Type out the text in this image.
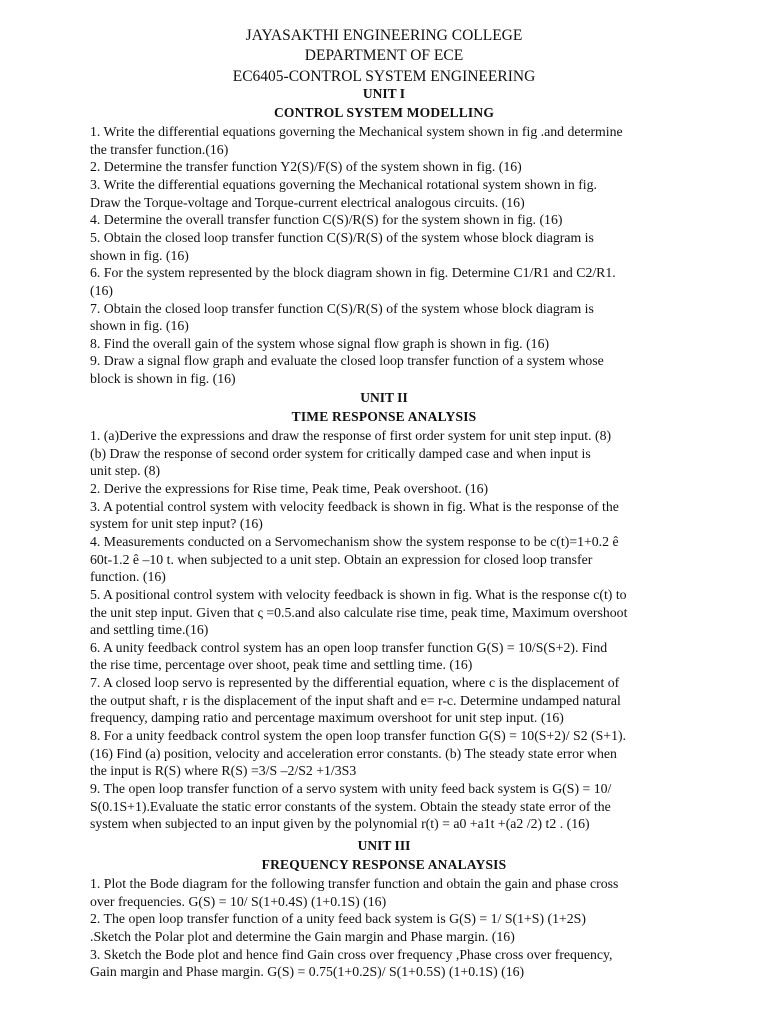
JAYASAKTHI ENGINEERING COLLEGE
DEPARTMENT OF ECE
EC6405-CONTROL SYSTEM ENGINEERING
UNIT I
CONTROL SYSTEM MODELLING
1. Write the differential equations governing the Mechanical system shown in fig .and determine
the transfer function.(16)
2. Determine the transfer function Y2(S)/F(S) of the system shown in fig. (16)
3. Write the differential equations governing the Mechanical rotational system shown in fig.
Draw the Torque-voltage and Torque-current electrical analogous circuits. (16)
4. Determine the overall transfer function C(S)/R(S) for the system shown in fig. (16)
5. Obtain the closed loop transfer function C(S)/R(S) of the system whose block diagram is
shown in fig. (16)
6. For the system represented by the block diagram shown in fig. Determine C1/R1 and C2/R1.
(16)
7. Obtain the closed loop transfer function C(S)/R(S) of the system whose block diagram is
shown in fig. (16)
8. Find the overall gain of the system whose signal flow graph is shown in fig. (16)
9. Draw a signal flow graph and evaluate the closed loop transfer function of a system whose
block is shown in fig. (16)
UNIT II
TIME RESPONSE ANALYSIS
1. (a)Derive the expressions and draw the response of first order system for unit step input. (8)
(b) Draw the response of second order system for critically damped case and when input is
unit step. (8)
2. Derive the expressions for Rise time, Peak time, Peak overshoot. (16)
3. A potential control system with velocity feedback is shown in fig. What is the response of the
system for unit step input? (16)
4. Measurements conducted on a Servomechanism show the system response to be c(t)=1+0.2 ê
60t-1.2 ê –10 t. when subjected to a unit step. Obtain an expression for closed loop transfer
function. (16)
5. A positional control system with velocity feedback is shown in fig. What is the response c(t) to
the unit step input. Given that ς =0.5.and also calculate rise time, peak time, Maximum overshoot
and settling time.(16)
6. A unity feedback control system has an open loop transfer function G(S) = 10/S(S+2). Find
the rise time, percentage over shoot, peak time and settling time. (16)
7. A closed loop servo is represented by the differential equation, where c is the displacement of
the output shaft, r is the displacement of the input shaft and e= r-c. Determine undamped natural
frequency, damping ratio and percentage maximum overshoot for unit step input. (16)
8. For a unity feedback control system the open loop transfer function G(S) = 10(S+2)/ S2 (S+1).
(16) Find (a) position, velocity and acceleration error constants. (b) The steady state error when
the input is R(S) where R(S) =3/S –2/S2 +1/3S3
9. The open loop transfer function of a servo system with unity feed back system is G(S) = 10/
S(0.1S+1).Evaluate the static error constants of the system. Obtain the steady state error of the
system when subjected to an input given by the polynomial r(t) = a0 +a1t +(a2 /2) t2 . (16)
UNIT III
FREQUENCY RESPONSE ANALAYSIS
1. Plot the Bode diagram for the following transfer function and obtain the gain and phase cross
over frequencies. G(S) = 10/ S(1+0.4S) (1+0.1S) (16)
2. The open loop transfer function of a unity feed back system is G(S) = 1/ S(1+S) (1+2S)
.Sketch the Polar plot and determine the Gain margin and Phase margin. (16)
3. Sketch the Bode plot and hence find Gain cross over frequency ,Phase cross over frequency,
Gain margin and Phase margin. G(S) = 0.75(1+0.2S)/ S(1+0.5S) (1+0.1S) (16)
